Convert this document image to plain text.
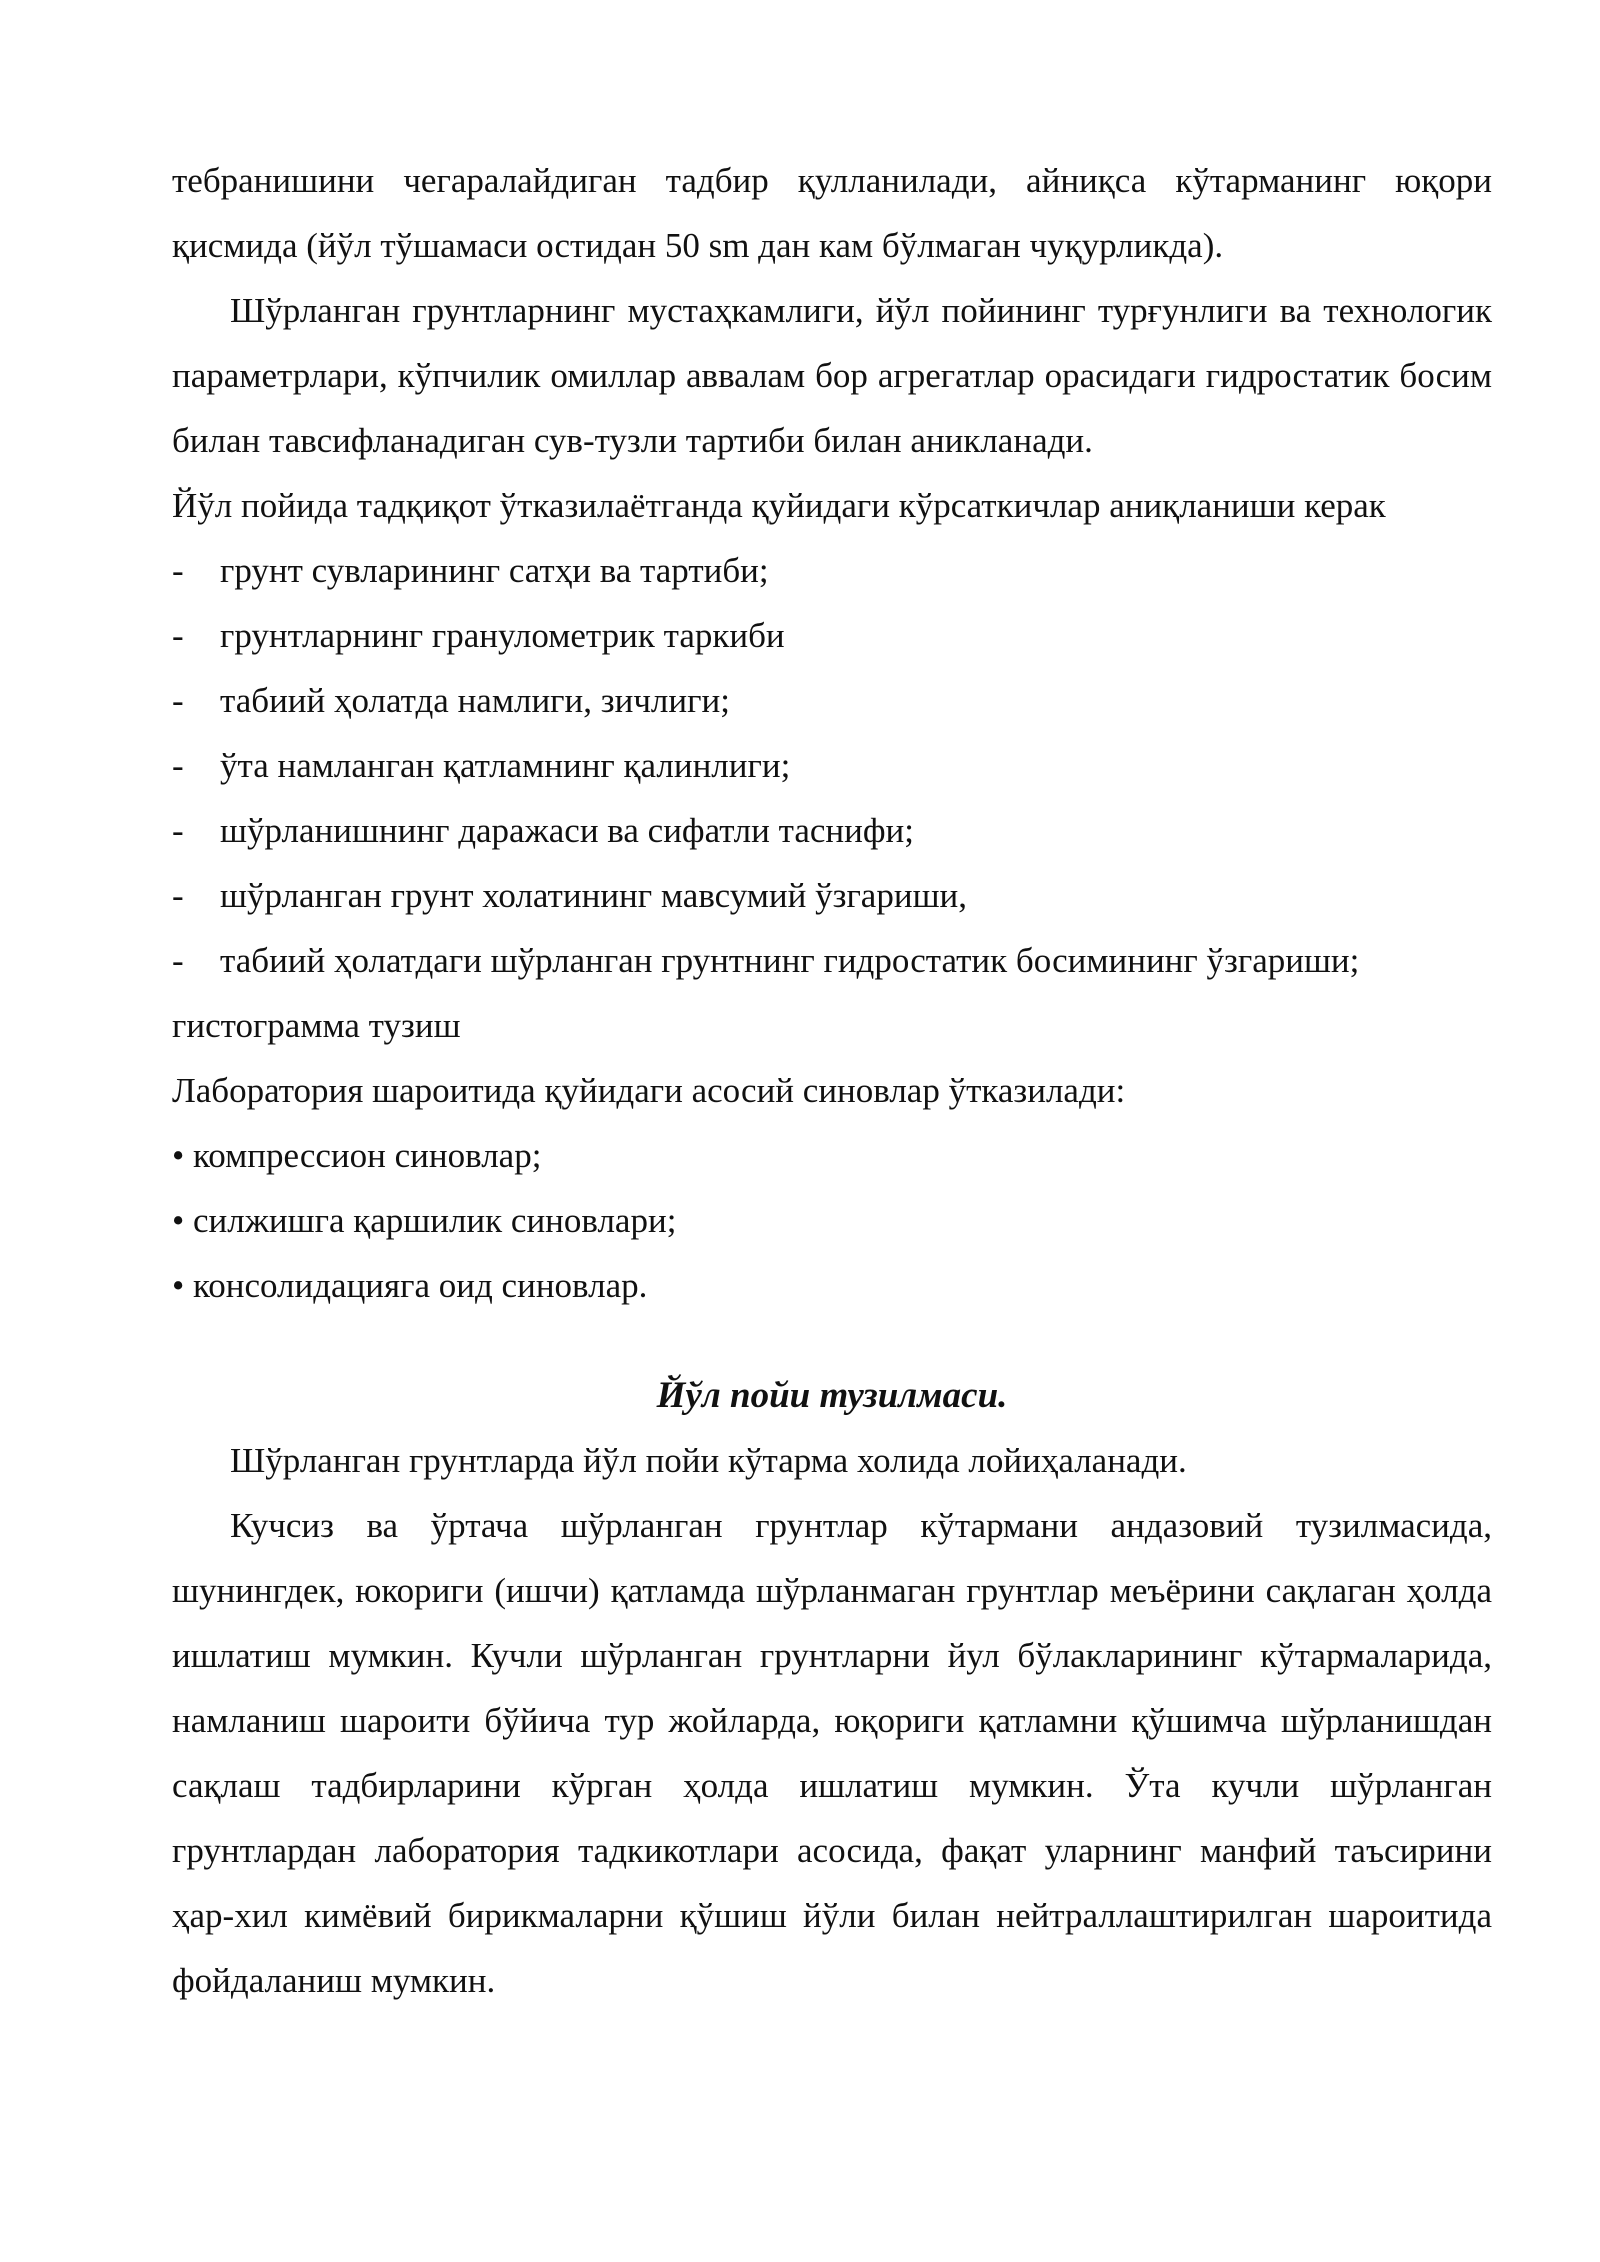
тебранишини чегаралайдиган тадбир қулланилади, айниқса кўтарманинг юқори қисмида (йўл тўшамаси остидан 50 sm дан кам бўлмаган чуқурликда).

Шўрланган грунтларнинг мустаҳкамлиги, йўл пойининг турғунлиги ва технологик параметрлари, кўпчилик омиллар аввалам бор агрегатлар орасидаги гидростатик босим билан тавсифланадиган сув-тузли тартиби билан аникланади.

Йўл пойида тадқиқот ўтказилаётганда қуйидаги кўрсаткичлар аниқланиши керак

- грунт сувларининг сатҳи ва тартиби;

- грунтларнинг гранулометрик таркиби

- табиий ҳолатда намлиги, зичлиги;

- ўта намланган қатламнинг қалинлиги;

- шўрланишнинг даражаси ва сифатли таснифи;

- шўрланган грунт холатининг мавсумий ўзгариши,

- табиий ҳолатдаги шўрланган грунтнинг гидростатик босимининг ўзгариши;

гистограмма тузиш

Лаборатория шароитида қуйидаги асосий синовлар ўтказилади:

• компрессион синовлар;

• силжишга қаршилик синовлари;

• консолидацияга оид синовлар.

Йўл пойи тузилмаси.

Шўрланган грунтларда йўл пойи кўтарма холида лойиҳаланади.

Кучсиз ва ўртача шўрланган грунтлар кўтармани андазовий тузилмасида, шунингдек, юкориги (ишчи) қатламда шўрланмаган грунтлар меъёрини сақлаган ҳолда ишлатиш мумкин. Кучли шўрланган грунтларни йул бўлакларининг кўтармаларида, намланиш шароити бўйича тур жойларда, юқориги қатламни қўшимча шўрланишдан сақлаш тадбирларини кўрган ҳолда ишлатиш мумкин. Ўта кучли шўрланган грунтлардан лаборатория тадкикотлари асосида, фақат уларнинг манфий таъсирини ҳар-хил кимёвий бирикмаларни қўшиш йўли билан нейтраллаштирилган шароитида фойдаланиш мумкин.
